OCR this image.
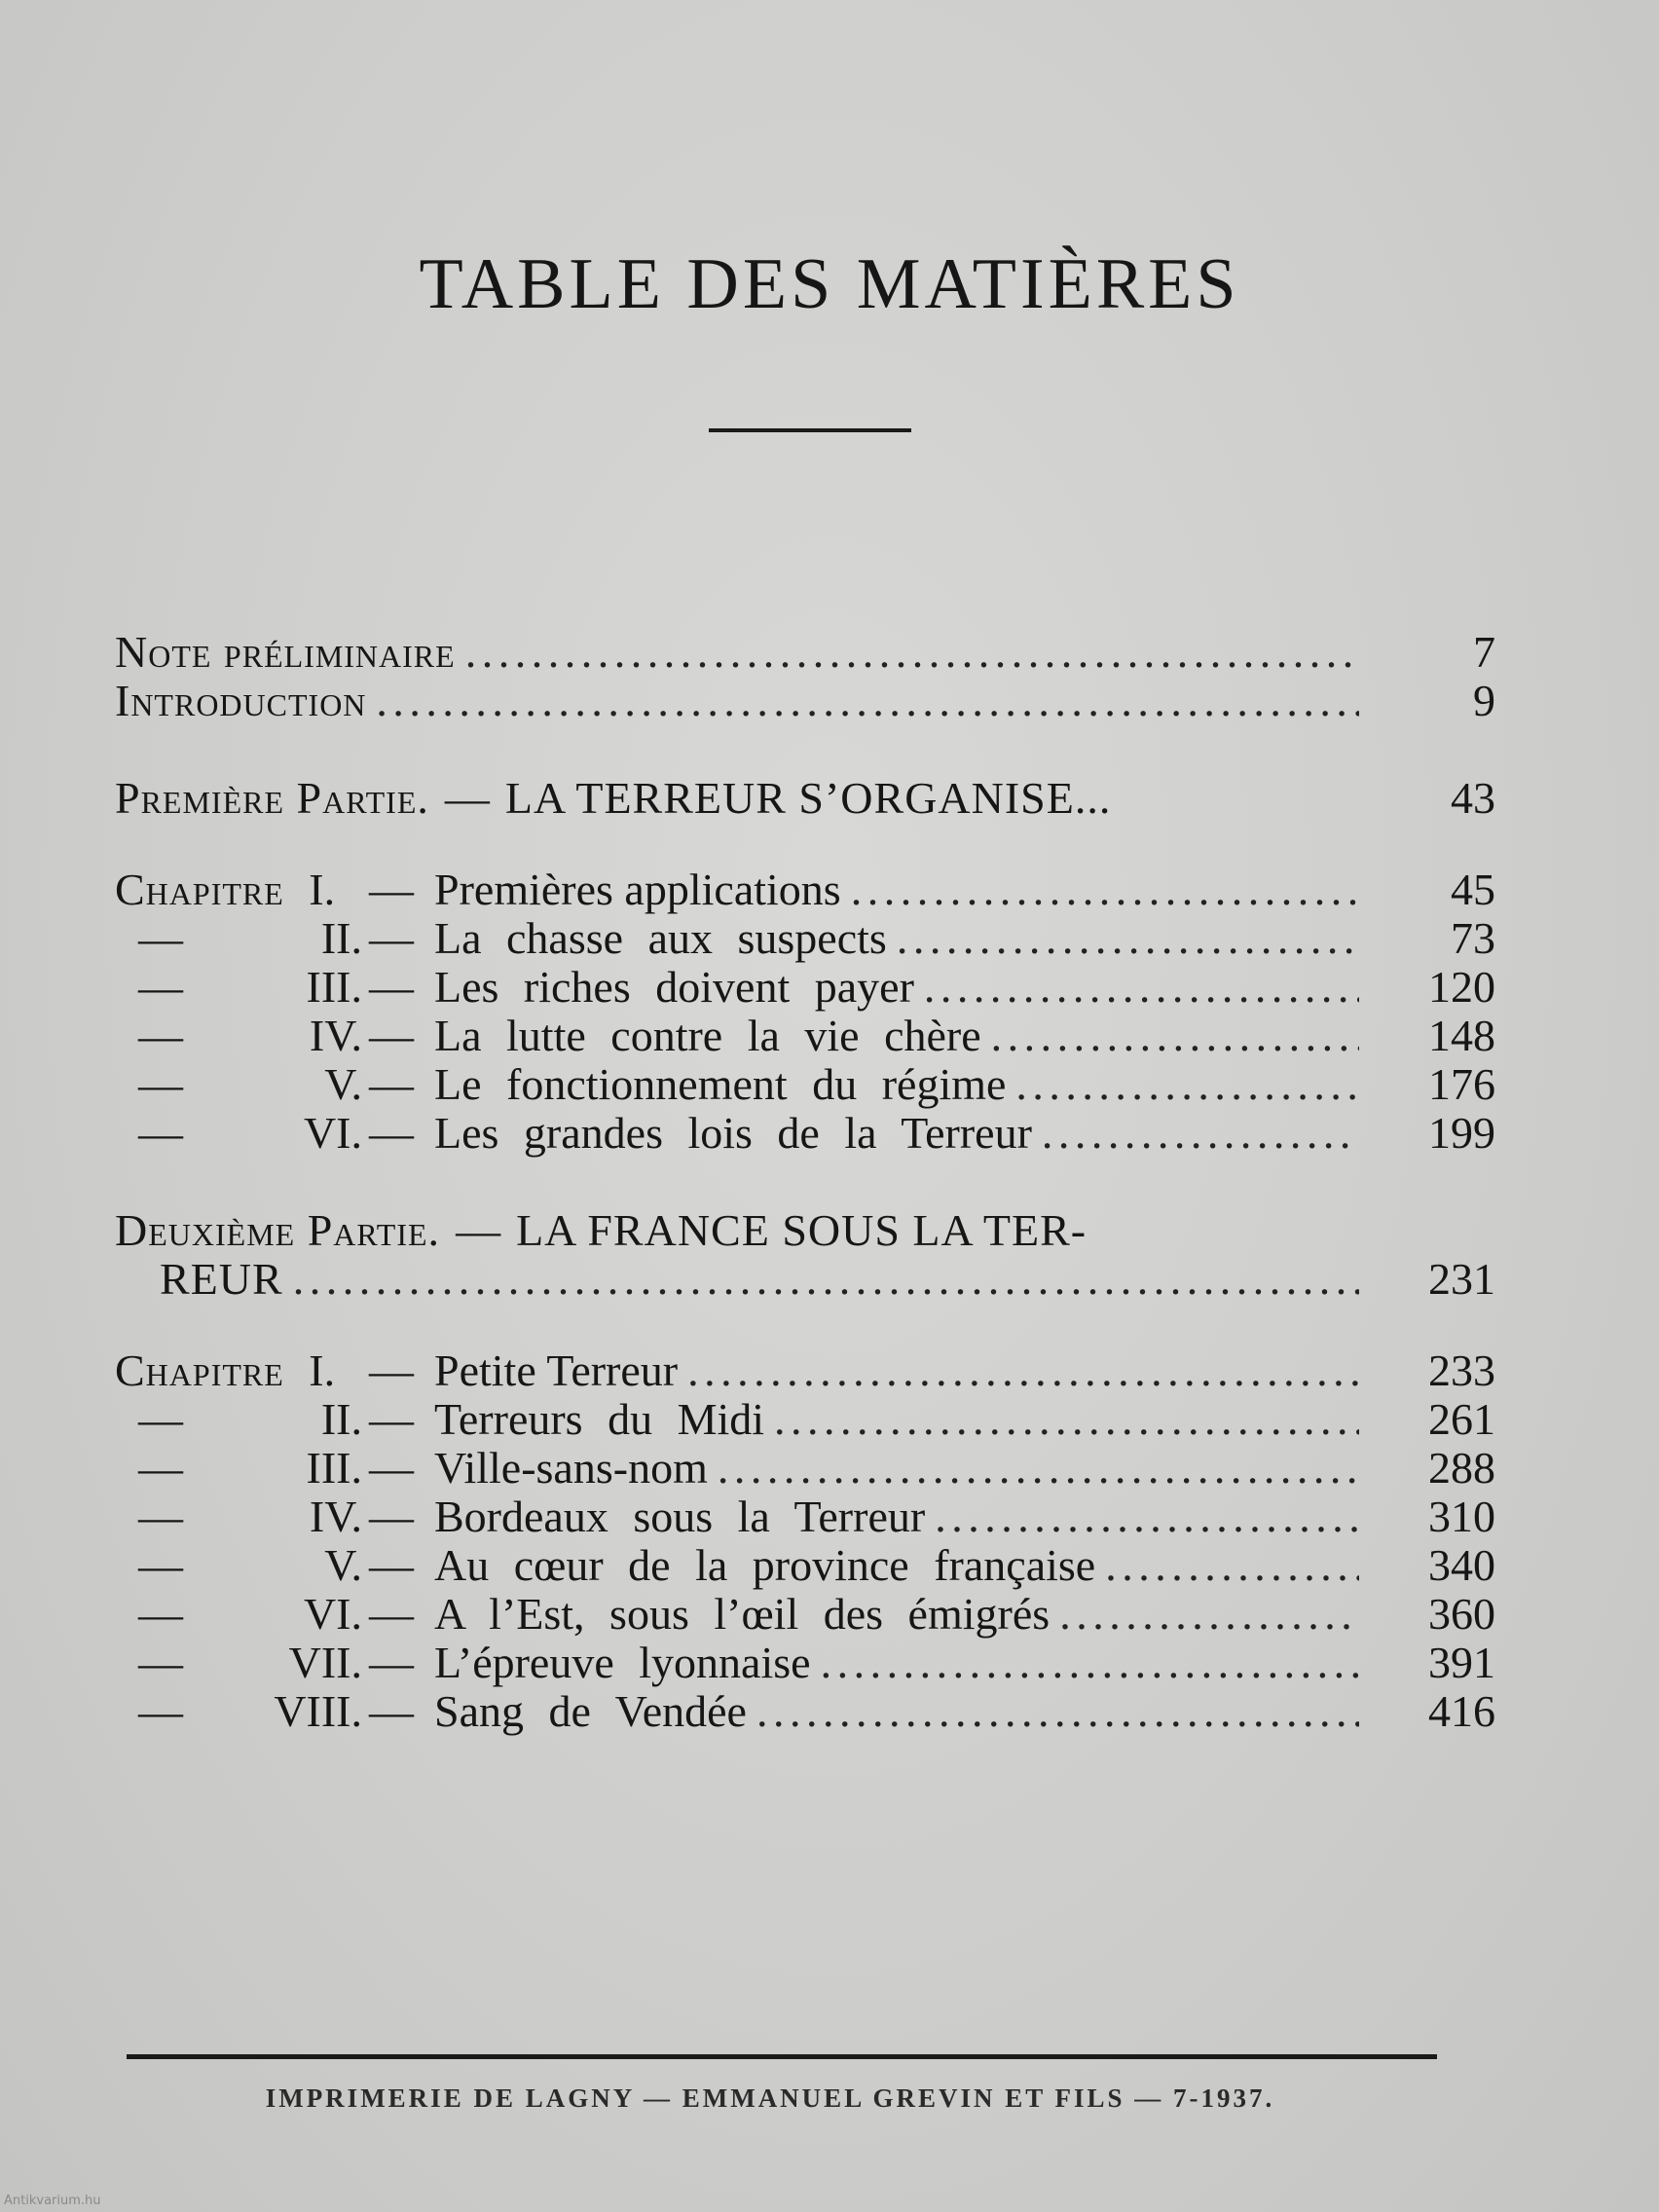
TABLE DES MATIÈRES
Note préliminaire . . .	7
Introduction . . .	9
Première Partie. — LA TERREUR S’ORGANISE...	43
Chapitre I. — Premières applications . . .	45
—	II. — La chasse aux suspects . . .	73
—	III. — Les riches doivent payer . . .	120
—	IV. — La lutte contre la vie chère . . .	148
—	V. — Le fonctionnement du régime . . .	176
—	VI. — Les grandes lois de la Terreur . . .	199
Deuxième Partie. — LA FRANCE SOUS LA TER-
REUR . . .	231
Chapitre I. — Petite Terreur . . .	233
—	II. — Terreurs du Midi . . .	261
—	III. — Ville-sans-nom . . .	288
—	IV. — Bordeaux sous la Terreur . . .	310
—	V. — Au cœur de la province française . . .	340
—	VI. — A l’Est, sous l’œil des émigrés . . .	360
—	VII. — L’épreuve lyonnaise . . .	391
—	VIII. — Sang de Vendée . . .	416
IMPRIMERIE DE LAGNY — EMMANUEL GREVIN ET FILS — 7-1937.
Antikvarium.hu
